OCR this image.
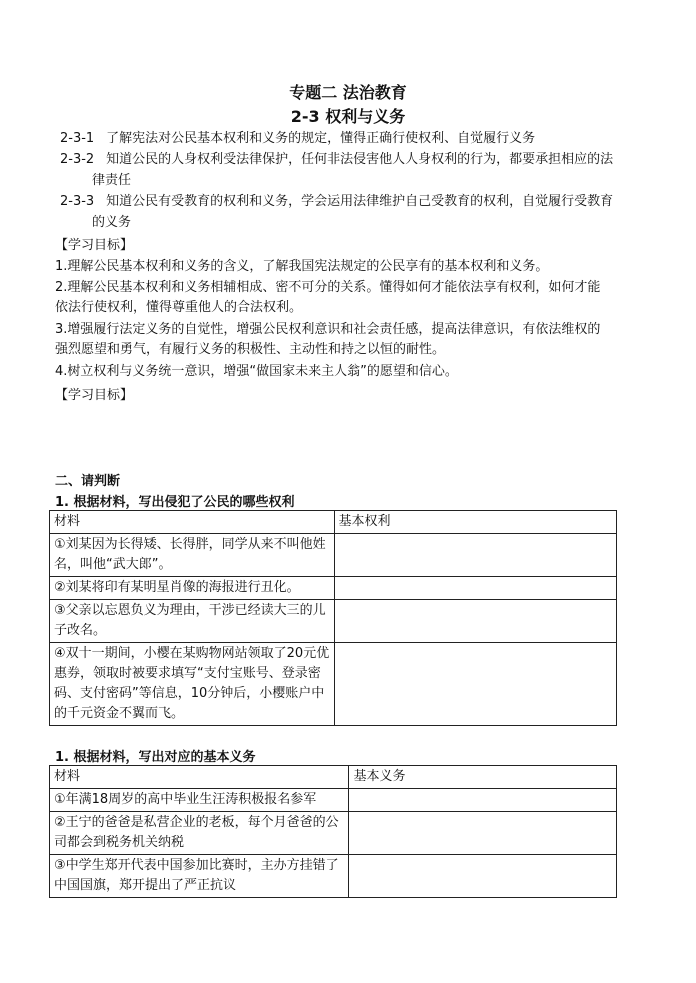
专题二 法治教育
2-3 权利与义务
2-3-1 了解宪法对公民基本权利和义务的规定，懂得正确行使权利、自觉履行义务
2-3-2 知道公民的人身权利受法律保护，任何非法侵害他人人身权利的行为，都要承担相应的法
律责任
2-3-3 知道公民有受教育的权利和义务，学会运用法律维护自己受教育的权利，自觉履行受教育
的义务
【学习目标】
1.理解公民基本权利和义务的含义，了解我国宪法规定的公民享有的基本权利和义务。
2.理解公民基本权利和义务相辅相成、密不可分的关系。懂得如何才能依法享有权利，如何才能
依法行使权利，懂得尊重他人的合法权利。
3.增强履行法定义务的自觉性，增强公民权利意识和社会责任感，提高法律意识，有依法维权的
强烈愿望和勇气，有履行义务的积极性、主动性和持之以恒的耐性。
4.树立权利与义务统一意识，增强“做国家未来主人翁”的愿望和信心。
【学习目标】
二、请判断
1. 根据材料，写出侵犯了公民的哪些权利
材料	基本权利
①刘某因为长得矮、长得胖，同学从来不叫他姓名，叫他“武大郎”。	
②刘某将印有某明星肖像的海报进行丑化。	
③父亲以忘恩负义为理由，干涉已经读大三的儿子改名。	
④双十一期间，小樱在某购物网站领取了20元优惠券，领取时被要求填写“支付宝账号、登录密码、支付密码”等信息，10分钟后，小樱账户中的千元资金不翼而飞。	
1. 根据材料，写出对应的基本义务
材料	基本义务
①年满18周岁的高中毕业生汪涛积极报名参军	
②王宁的爸爸是私营企业的老板，每个月爸爸的公司都会到税务机关纳税	
③中学生郑开代表中国参加比赛时，主办方挂错了中国国旗，郑开提出了严正抗议	
